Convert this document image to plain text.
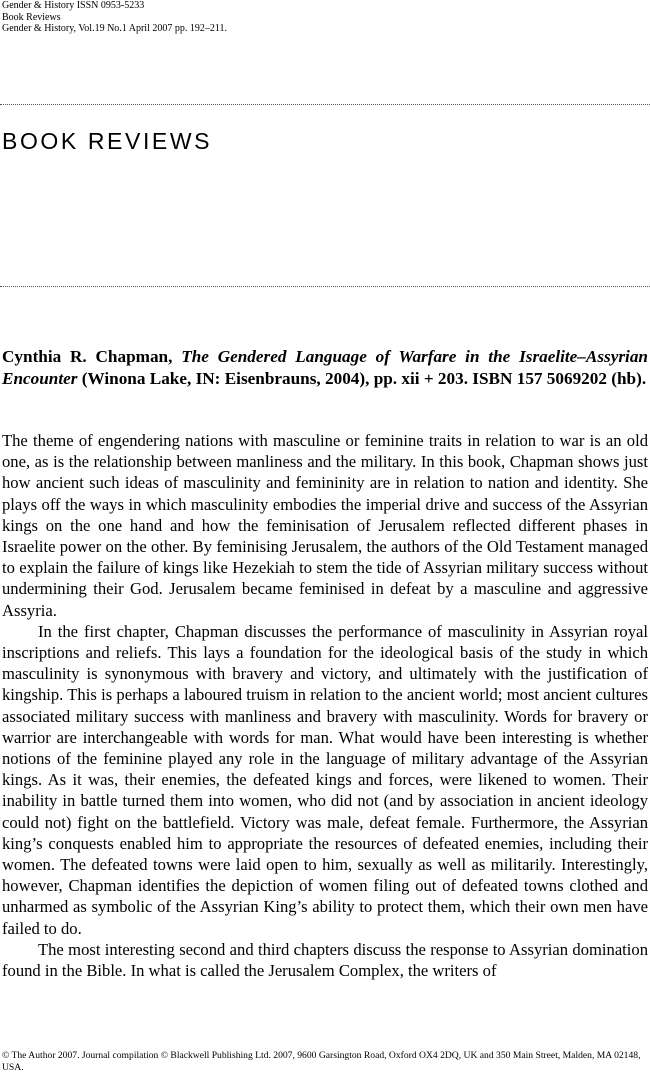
Gender & History ISSN 0953-5233
Book Reviews
Gender & History, Vol.19 No.1 April 2007 pp. 192–211.
BOOK REVIEWS

Cynthia R. Chapman, The Gendered Language of Warfare in the Israelite–Assyrian Encounter (Winona Lake, IN: Eisenbrauns, 2004), pp. xii + 203. ISBN 157 5069202 (hb).

The theme of engendering nations with masculine or feminine traits in relation to war is an old one, as is the relationship between manliness and the military. In this book, Chapman shows just how ancient such ideas of masculinity and femininity are in relation to nation and identity. She plays off the ways in which masculinity embodies the imperial drive and success of the Assyrian kings on the one hand and how the feminisation of Jerusalem reflected different phases in Israelite power on the other. By feminising Jerusalem, the authors of the Old Testament managed to explain the failure of kings like Hezekiah to stem the tide of Assyrian military success without undermining their God. Jerusalem became feminised in defeat by a masculine and aggressive Assyria.

In the first chapter, Chapman discusses the performance of masculinity in Assyrian royal inscriptions and reliefs. This lays a foundation for the ideological basis of the study in which masculinity is synonymous with bravery and victory, and ultimately with the justification of kingship. This is perhaps a laboured truism in relation to the ancient world; most ancient cultures associated military success with manliness and bravery with masculinity. Words for bravery or warrior are interchangeable with words for man. What would have been interesting is whether notions of the feminine played any role in the language of military advantage of the Assyrian kings. As it was, their enemies, the defeated kings and forces, were likened to women. Their inability in battle turned them into women, who did not (and by association in ancient ideology could not) fight on the battlefield. Victory was male, defeat female. Furthermore, the Assyrian king’s conquests enabled him to appropriate the resources of defeated enemies, including their women. The defeated towns were laid open to him, sexually as well as militarily. Interestingly, however, Chapman identifies the depiction of women filing out of defeated towns clothed and unharmed as symbolic of the Assyrian King’s ability to protect them, which their own men have failed to do.

The most interesting second and third chapters discuss the response to Assyrian domination found in the Bible. In what is called the Jerusalem Complex, the writers of

© The Author 2007. Journal compilation © Blackwell Publishing Ltd. 2007, 9600 Garsington Road, Oxford OX4 2DQ, UK and 350 Main Street, Malden, MA 02148, USA.
